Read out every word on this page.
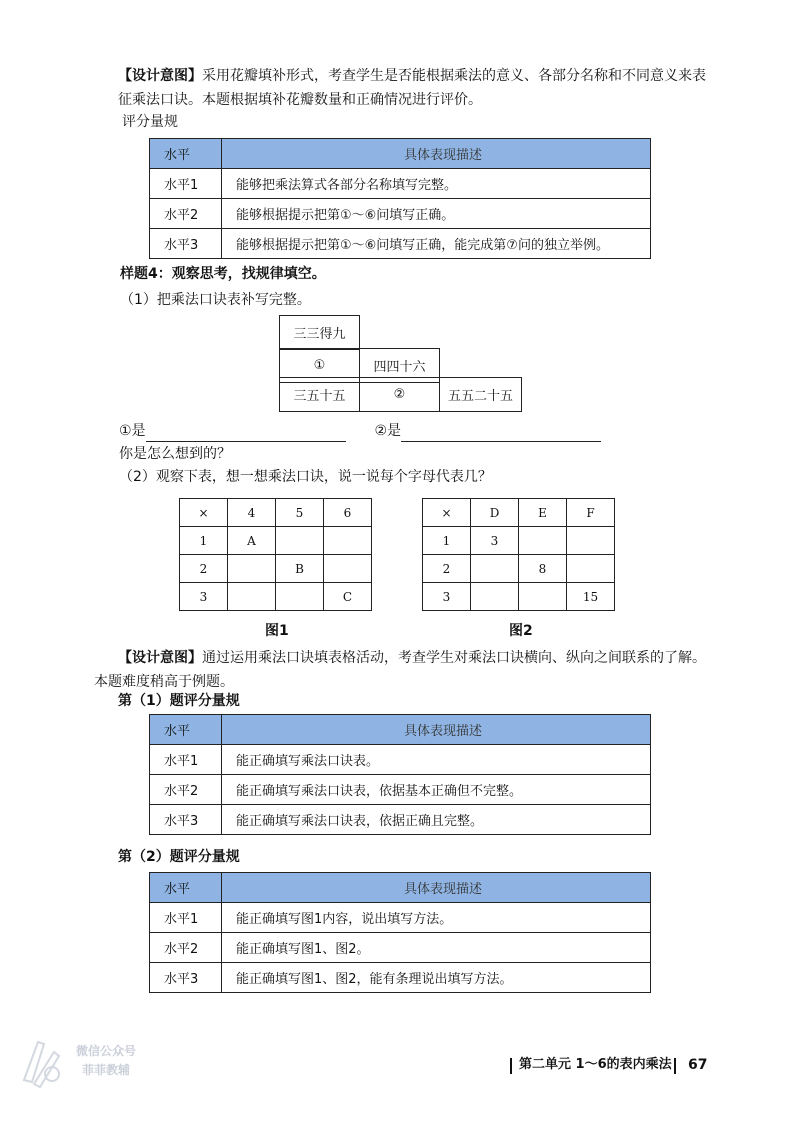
【设计意图】采用花瓣填补形式，考查学生是否能根据乘法的意义、各部分名称和不同意义来表
征乘法口诀。本题根据填补花瓣数量和正确情况进行评价。
评分量规
水平	具体表现描述
水平1	能够把乘法算式各部分名称填写完整。
水平2	能够根据提示把第①～⑥问填写正确。
水平3	能够根据提示把第①～⑥问填写正确，能完成第⑦问的独立举例。
样题4：观察思考，找规律填空。
（1）把乘法口诀表补写完整。
三三得九
①	四四十六
三五十五	②	五五二十五
①是	②是
你是怎么想到的？
（2）观察下表，想一想乘法口诀，说一说每个字母代表几？
×	4	5	6
1	A		
2		B	
3			C
图1
×	D	E	F
1	3		
2		8	
3			15
图2
【设计意图】通过运用乘法口诀填表格活动，考查学生对乘法口诀横向、纵向之间联系的了解。
本题难度稍高于例题。
第（1）题评分量规
水平	具体表现描述
水平1	能正确填写乘法口诀表。
水平2	能正确填写乘法口诀表，依据基本正确但不完整。
水平3	能正确填写乘法口诀表，依据正确且完整。
第（2）题评分量规
水平	具体表现描述
水平1	能正确填写图1内容，说出填写方法。
水平2	能正确填写图1、图2。
水平3	能正确填写图1、图2，能有条理说出填写方法。
微信公众号
菲菲教辅	第二单元 1～6的表内乘法 67
